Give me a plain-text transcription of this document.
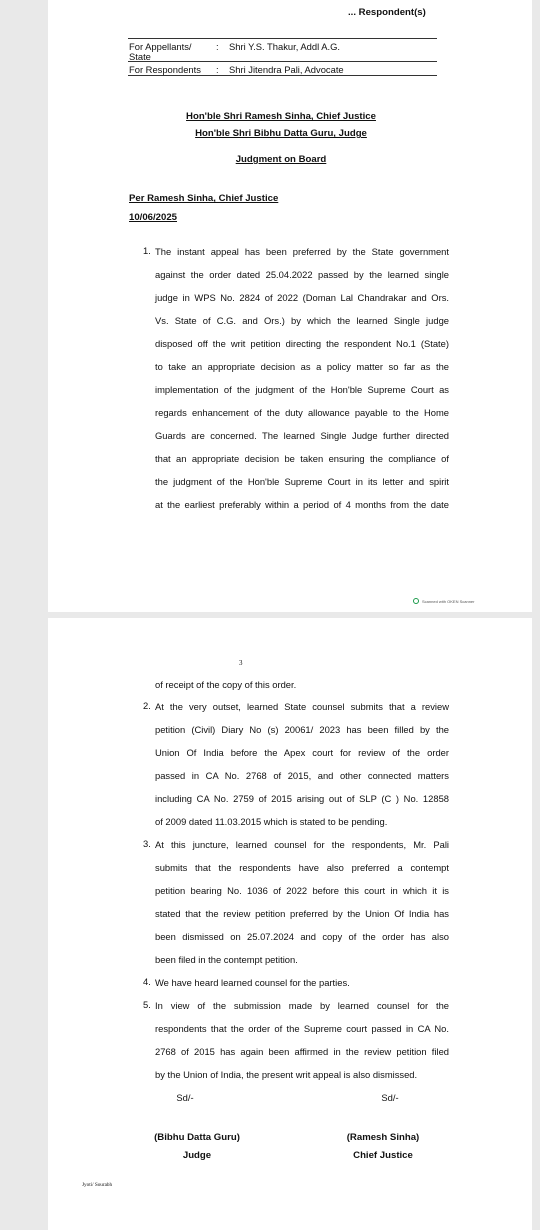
... Respondent(s)
For Appellants/
State
: Shri Y.S. Thakur, Addl A.G.
For Respondents : Shri Jitendra Pali, Advocate
Hon'ble Shri Ramesh Sinha, Chief Justice
Hon'ble Shri Bibhu Datta Guru, Judge
Judgment on Board
Per Ramesh Sinha, Chief Justice
10/06/2025
1. The instant appeal has been preferred by the State government
against the order dated 25.04.2022 passed by the learned single
judge in WPS No. 2824 of 2022 (Doman Lal Chandrakar and Ors.
Vs. State of C.G. and Ors.) by which the learned Single judge
disposed off the writ petition directing the respondent No.1 (State)
to take an appropriate decision as a policy matter so far as the
implementation of the judgment of the Hon'ble Supreme Court as
regards enhancement of the duty allowance payable to the Home
Guards are concerned. The learned Single Judge further directed
that an appropriate decision be taken ensuring the compliance of
the judgment of the Hon'ble Supreme Court in its letter and spirit
at the earliest preferably within a period of 4 months from the date
Scanned with OKEN Scanner
3
of receipt of the copy of this order.
2. At the very outset, learned State counsel submits that a review
petition (Civil) Diary No (s) 20061/ 2023 has been filled by the
Union Of India before the Apex court for review of the order
passed in CA No. 2768 of 2015, and other connected matters
including CA No. 2759 of 2015 arising out of SLP (C ) No. 12858
of 2009 dated 11.03.2015 which is stated to be pending.
3. At this juncture, learned counsel for the respondents, Mr. Pali
submits that the respondents have also preferred a contempt
petition bearing No. 1036 of 2022 before this court in which it is
stated that the review petition preferred by the Union Of India has
been dismissed on 25.07.2024 and copy of the order has also
been filed in the contempt petition.
4. We have heard learned counsel for the parties.
5. In view of the submission made by learned counsel for the
respondents that the order of the Supreme court passed in CA No.
2768 of 2015 has again been affirmed in the review petition filed
by the Union of India, the present writ appeal is also dismissed.
Sd/-	Sd/-
(Bibhu Datta Guru)
Judge
(Ramesh Sinha)
Chief Justice
Jyoti/ Sourabh
